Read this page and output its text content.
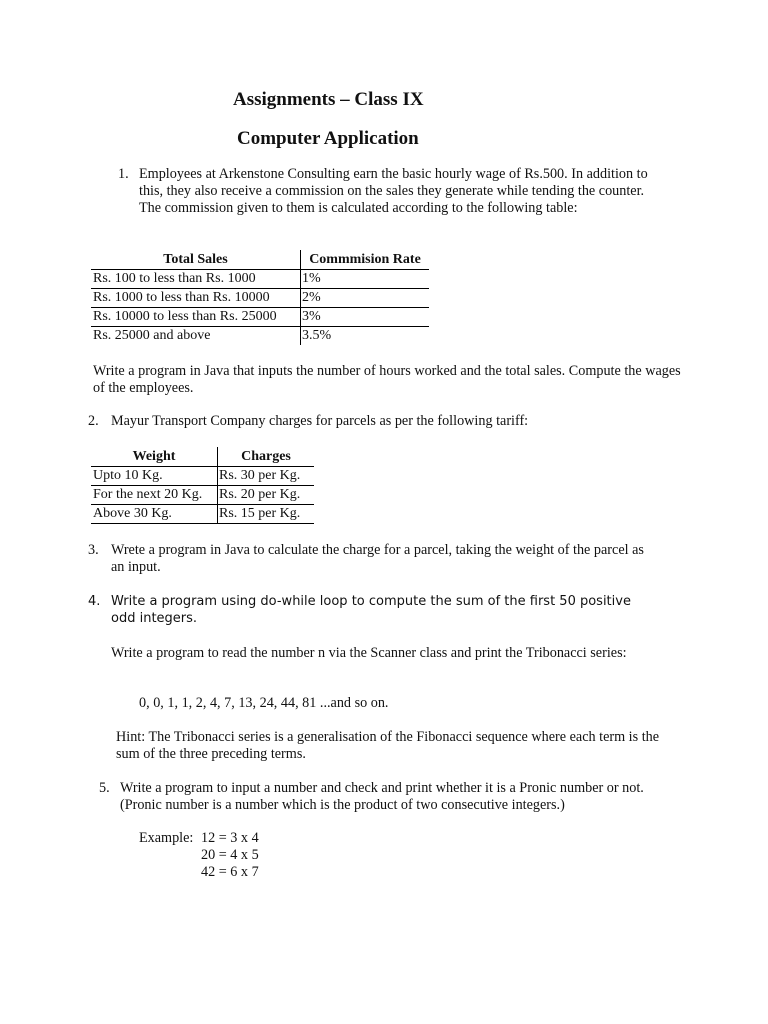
Assignments – Class IX
Computer Application
1. Employees at Arkenstone Consulting earn the basic hourly wage of Rs.500. In addition to this, they also receive a commission on the sales they generate while tending the counter. The commission given to them is calculated according to the following table:
Total Sales	Commmision Rate
Rs. 100 to less than Rs. 1000	1%
Rs. 1000 to less than Rs. 10000	2%
Rs. 10000 to less than Rs. 25000	3%
Rs. 25000 and above	3.5%
Write a program in Java that inputs the number of hours worked and the total sales. Compute the wages of the employees.
2. Mayur Transport Company charges for parcels as per the following tariff:
Weight	Charges
Upto 10 Kg.	Rs. 30 per Kg.
For the next 20 Kg.	Rs. 20 per Kg.
Above 30 Kg.	Rs. 15 per Kg.
3. Wrete a program in Java to calculate the charge for a parcel, taking the weight of the parcel as an input.
4. Write a program using do-while loop to compute the sum of the first 50 positive odd integers.
Write a program to read the number n via the Scanner class and print the Tribonacci series:
0, 0, 1, 1, 2, 4, 7, 13, 24, 44, 81 ...and so on.
Hint: The Tribonacci series is a generalisation of the Fibonacci sequence where each term is the sum of the three preceding terms.
5. Write a program to input a number and check and print whether it is a Pronic number or not. (Pronic number is a number which is the product of two consecutive integers.)
Example: 12 = 3 x 4
20 = 4 x 5
42 = 6 x 7
